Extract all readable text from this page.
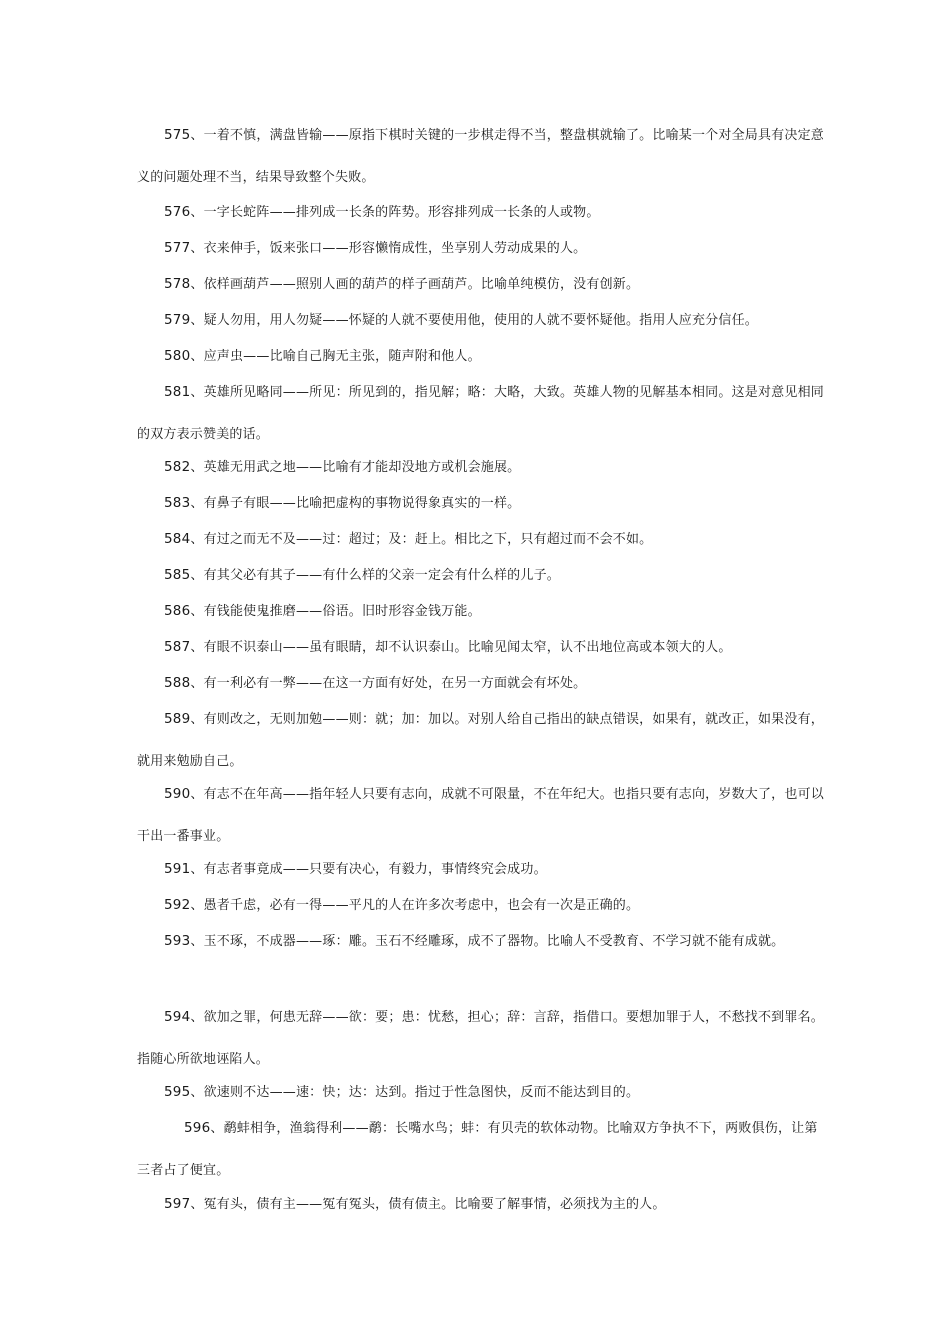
575、一着不慎，满盘皆输——原指下棋时关键的一步棋走得不当，整盘棋就输了。比喻某一个对全局具有决定意义的问题处理不当，结果导致整个失败。

576、一字长蛇阵——排列成一长条的阵势。形容排列成一长条的人或物。

577、衣来伸手，饭来张口——形容懒惰成性，坐享别人劳动成果的人。

578、依样画葫芦——照别人画的葫芦的样子画葫芦。比喻单纯模仿，没有创新。

579、疑人勿用，用人勿疑——怀疑的人就不要使用他，使用的人就不要怀疑他。指用人应充分信任。

580、应声虫——比喻自己胸无主张，随声附和他人。

581、英雄所见略同——所见：所见到的，指见解；略：大略，大致。英雄人物的见解基本相同。这是对意见相同的双方表示赞美的话。

582、英雄无用武之地——比喻有才能却没地方或机会施展。

583、有鼻子有眼——比喻把虚构的事物说得象真实的一样。

584、有过之而无不及——过：超过；及：赶上。相比之下，只有超过而不会不如。

585、有其父必有其子——有什么样的父亲一定会有什么样的儿子。

586、有钱能使鬼推磨——俗语。旧时形容金钱万能。

587、有眼不识泰山——虽有眼睛，却不认识泰山。比喻见闻太窄，认不出地位高或本领大的人。

588、有一利必有一弊——在这一方面有好处，在另一方面就会有坏处。

589、有则改之，无则加勉——则：就；加：加以。对别人给自己指出的缺点错误，如果有，就改正，如果没有，就用来勉励自己。

590、有志不在年高——指年轻人只要有志向，成就不可限量，不在年纪大。也指只要有志向，岁数大了，也可以干出一番事业。

591、有志者事竟成——只要有决心，有毅力，事情终究会成功。

592、愚者千虑，必有一得——平凡的人在许多次考虑中，也会有一次是正确的。

593、玉不琢，不成器——琢：雕。玉石不经雕琢，成不了器物。比喻人不受教育、不学习就不能有成就。

594、欲加之罪，何患无辞——欲：要；患：忧愁，担心；辞：言辞，指借口。要想加罪于人，不愁找不到罪名。指随心所欲地诬陷人。

595、欲速则不达——速：快；达：达到。指过于性急图快，反而不能达到目的。

596、鹬蚌相争，渔翁得利——鹬：长嘴水鸟；蚌：有贝壳的软体动物。比喻双方争执不下，两败俱伤，让第三者占了便宜。

597、冤有头，债有主——冤有冤头，债有债主。比喻要了解事情，必须找为主的人。
